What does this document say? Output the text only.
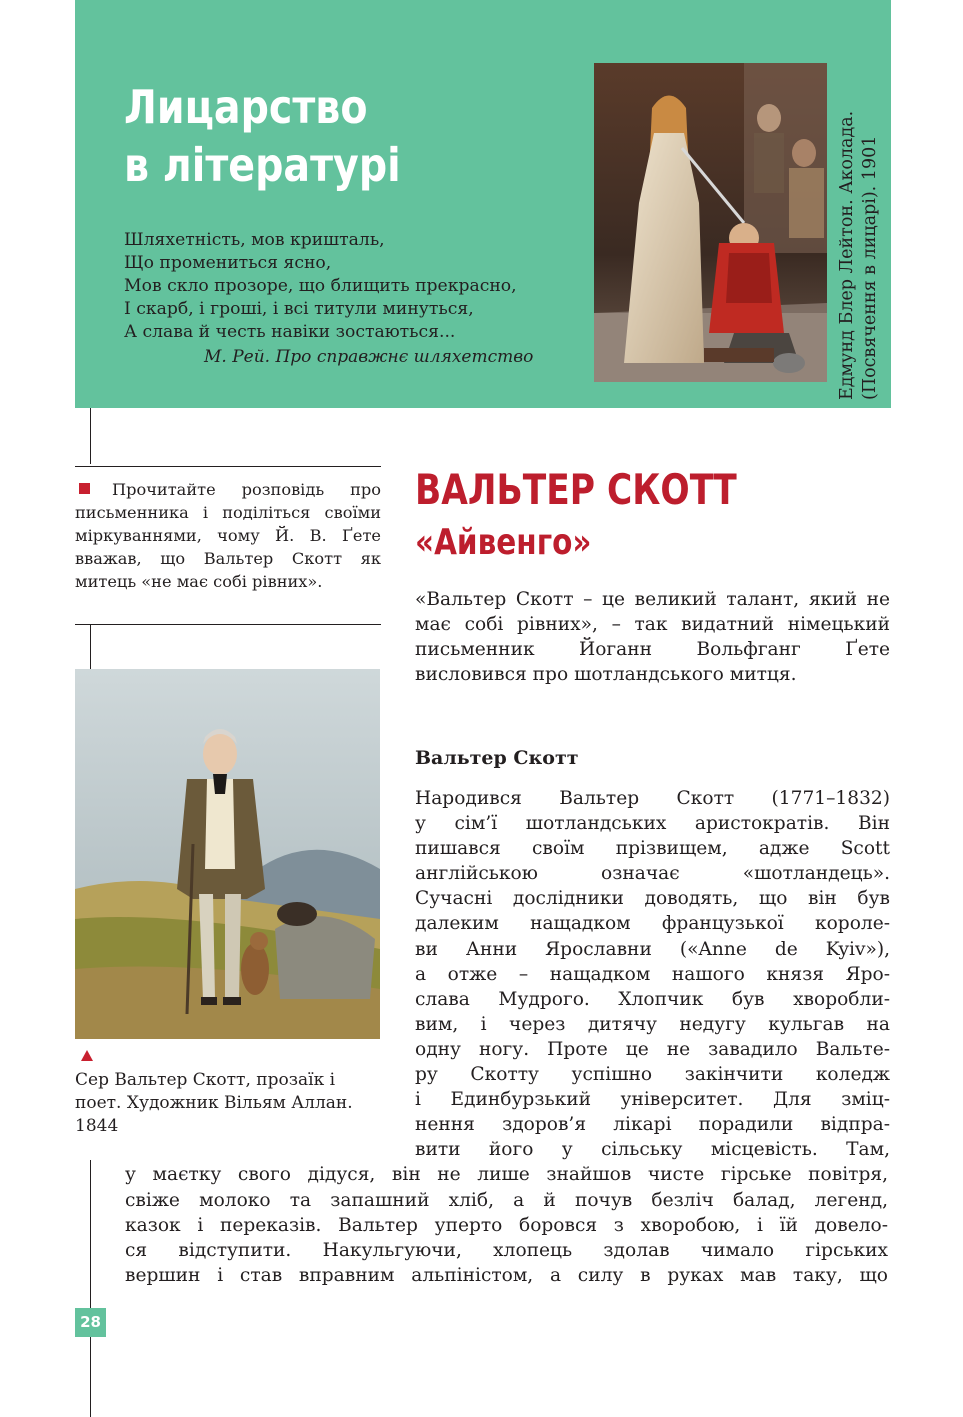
Лицарство
в літературі
Шляхетність, мов кришталь,
Що промениться ясно,
Мов скло прозоре, що блищить прекрасно,
І скарб, і гроші, і всі титули минуться,
А слава й честь навіки зостаються...
М. Рей. Про справжнє шляхетство	Едмунд Блер Лейтон. Аколада. (Посвячення в лицарі). 1901
Прочитайте розповідь про письменника і поділіться своїми міркуваннями, чому Й. В. Ґете вважав, що Вальтер Скотт як митець «не має собі рівних».
ВАЛЬТЕР СКОТТ
«Айвенго»
Сер Вальтер Скотт, прозаїк і поет. Художник Вільям Аллан. 1844
«Вальтер Скотт – це великий талант, який не має собі рівних», – так видатний німецький письменник Йоганн Вольфганг Ґете висловився про шотландського митця.
Вальтер Скотт
Народився Вальтер Скотт (1771–1832)
у сім’ї шотландських аристократів. Він
пишався своїм прізвищем, адже Scott
англійською означає «шотландець».
Сучасні дослідники доводять, що він був
далеким нащадком французької короле-
ви Анни Ярославни («Anne de Kyiv»),
а отже – нащадком нашого князя Яро-
слава Мудрого. Хлопчик був хворобли-
вим, і через дитячу недугу кульгав на
одну ногу. Проте це не завадило Вальте-
ру Скотту успішно закінчити коледж
і Единбурзький університет. Для зміц-
нення здоров’я лікарі порадили відпра-
вити його у сільську місцевість. Там,
у маєтку свого дідуся, він не лише знайшов чисте гірське повітря,
свіже молоко та запашний хліб, а й почув безліч балад, легенд,
казок і переказів. Вальтер уперто боровся з хворобою, і їй довело-
ся відступити. Накульгуючи, хлопець здолав чимало гірських
вершин і став вправним альпіністом, а силу в руках мав таку, що
28
